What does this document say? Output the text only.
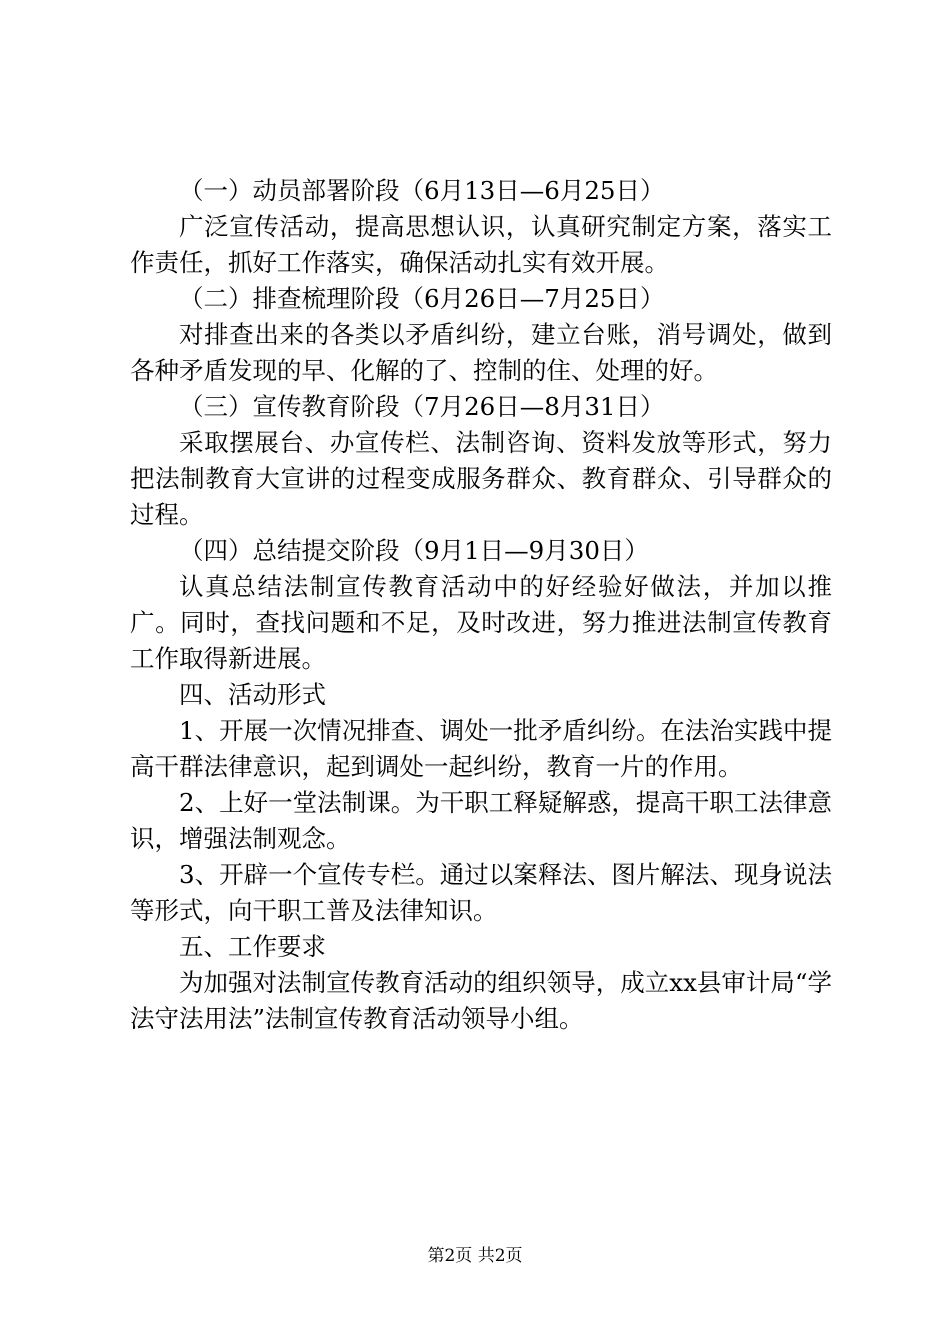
（一）动员部署阶段（6月13日—6月25日）

广泛宣传活动，提高思想认识，认真研究制定方案，落实工作责任，抓好工作落实，确保活动扎实有效开展。

（二）排查梳理阶段（6月26日—7月25日）

对排查出来的各类以矛盾纠纷，建立台账，消号调处，做到各种矛盾发现的早、化解的了、控制的住、处理的好。

（三）宣传教育阶段（7月26日—8月31日）

采取摆展台、办宣传栏、法制咨询、资料发放等形式，努力把法制教育大宣讲的过程变成服务群众、教育群众、引导群众的过程。

（四）总结提交阶段（9月1日—9月30日）

认真总结法制宣传教育活动中的好经验好做法，并加以推广。同时，查找问题和不足，及时改进，努力推进法制宣传教育工作取得新进展。

四、活动形式

1、开展一次情况排查、调处一批矛盾纠纷。在法治实践中提高干群法律意识，起到调处一起纠纷，教育一片的作用。

2、上好一堂法制课。为干职工释疑解惑，提高干职工法律意识，增强法制观念。

3、开辟一个宣传专栏。通过以案释法、图片解法、现身说法等形式，向干职工普及法律知识。

五、工作要求

为加强对法制宣传教育活动的组织领导，成立xx县审计局“学法守法用法”法制宣传教育活动领导小组。

第2页 共2页
